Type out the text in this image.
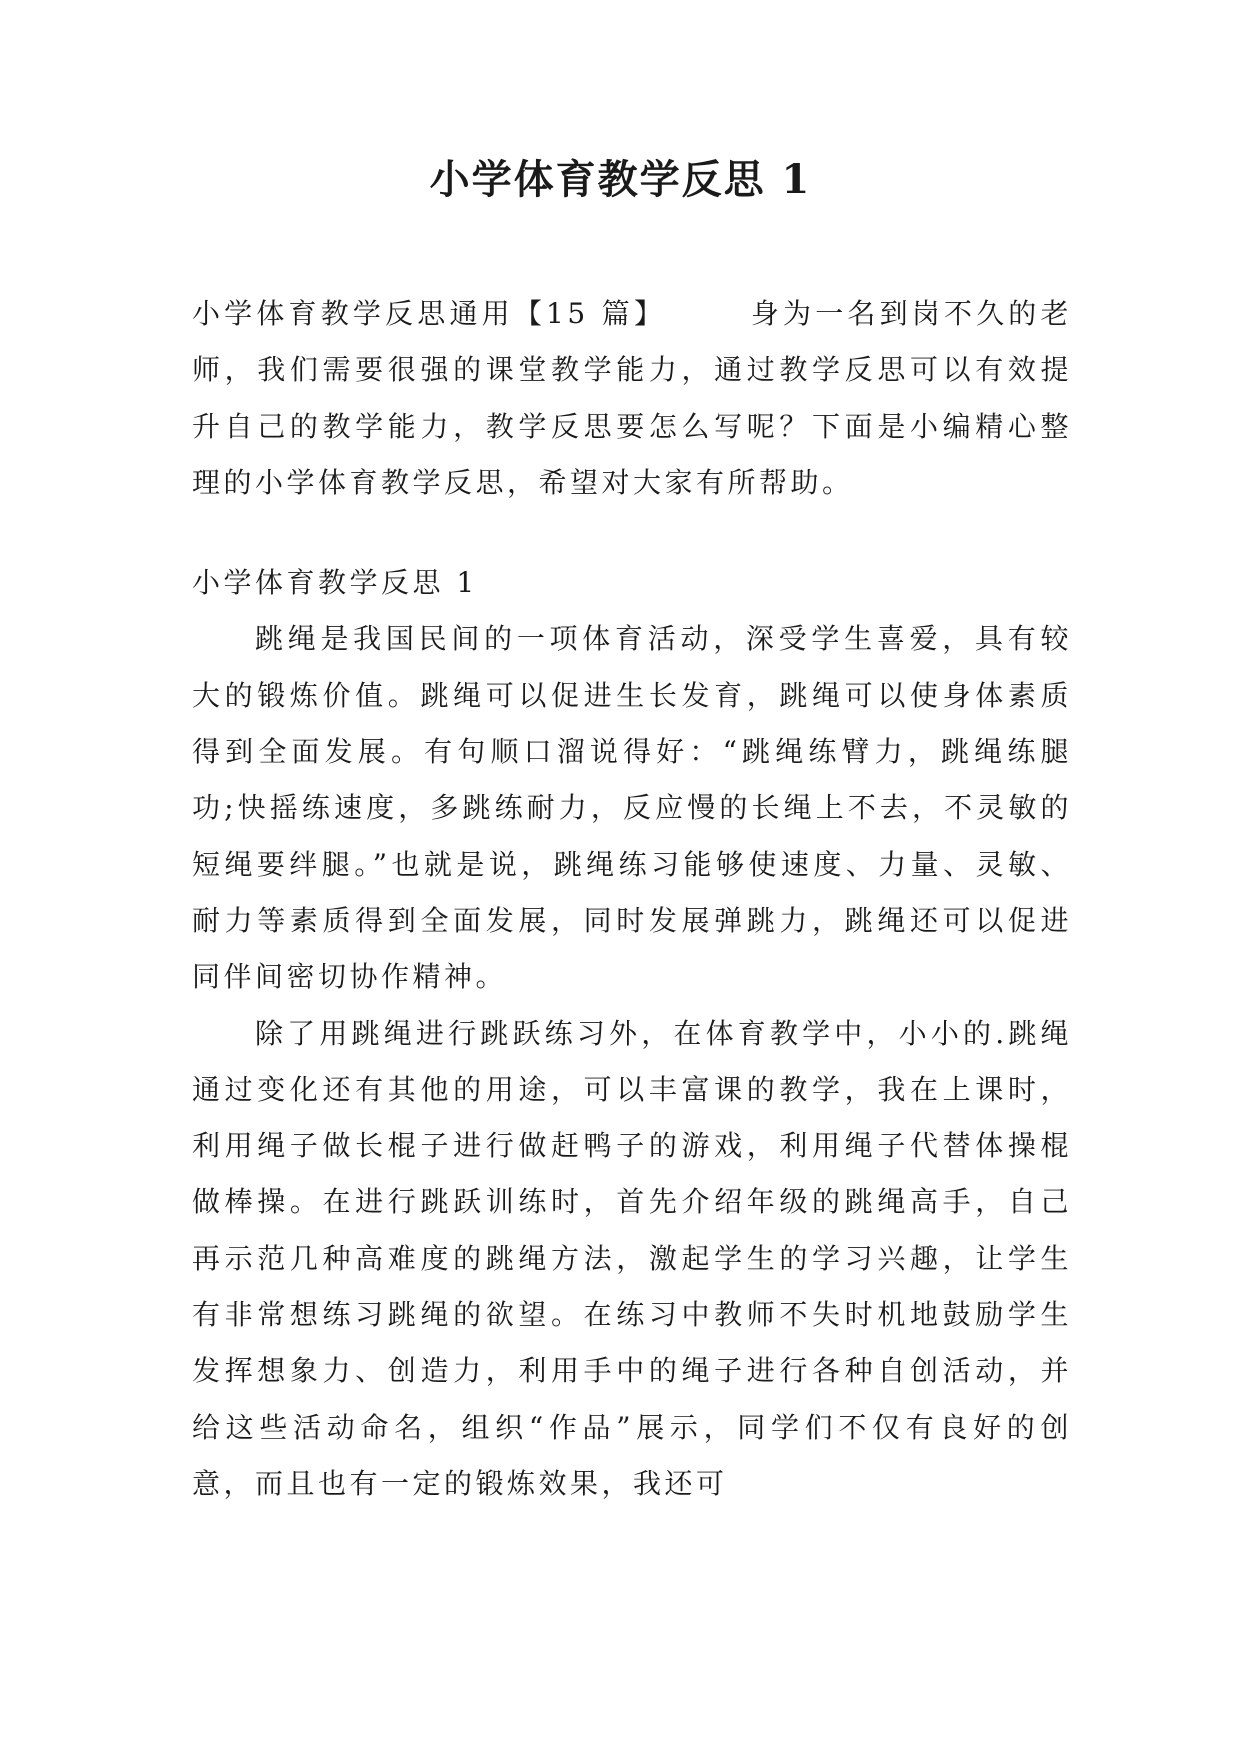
小学体育教学反思 1

小学体育教学反思通用【15 篇】	身为一名到岗不久的老师，我们需要很强的课堂教学能力，通过教学反思可以有效提升自己的教学能力，教学反思要怎么写呢？下面是小编精心整理的小学体育教学反思，希望对大家有所帮助。

小学体育教学反思 1

跳绳是我国民间的一项体育活动，深受学生喜爱，具有较大的锻炼价值。跳绳可以促进生长发育，跳绳可以使身体素质得到全面发展。有句顺口溜说得好：“跳绳练臂力，跳绳练腿功;快摇练速度，多跳练耐力，反应慢的长绳上不去，不灵敏的短绳要绊腿。”也就是说，跳绳练习能够使速度、力量、灵敏、耐力等素质得到全面发展，同时发展弹跳力，跳绳还可以促进同伴间密切协作精神。

除了用跳绳进行跳跃练习外，在体育教学中，小小的.跳绳通过变化还有其他的用途，可以丰富课的教学，我在上课时，利用绳子做长棍子进行做赶鸭子的游戏，利用绳子代替体操棍做棒操。在进行跳跃训练时，首先介绍年级的跳绳高手，自己再示范几种高难度的跳绳方法，激起学生的学习兴趣，让学生有非常想练习跳绳的欲望。在练习中教师不失时机地鼓励学生发挥想象力、创造力，利用手中的绳子进行各种自创活动，并给这些活动命名，组织“作品”展示，同学们不仅有良好的创意，而且也有一定的锻炼效果，我还可
